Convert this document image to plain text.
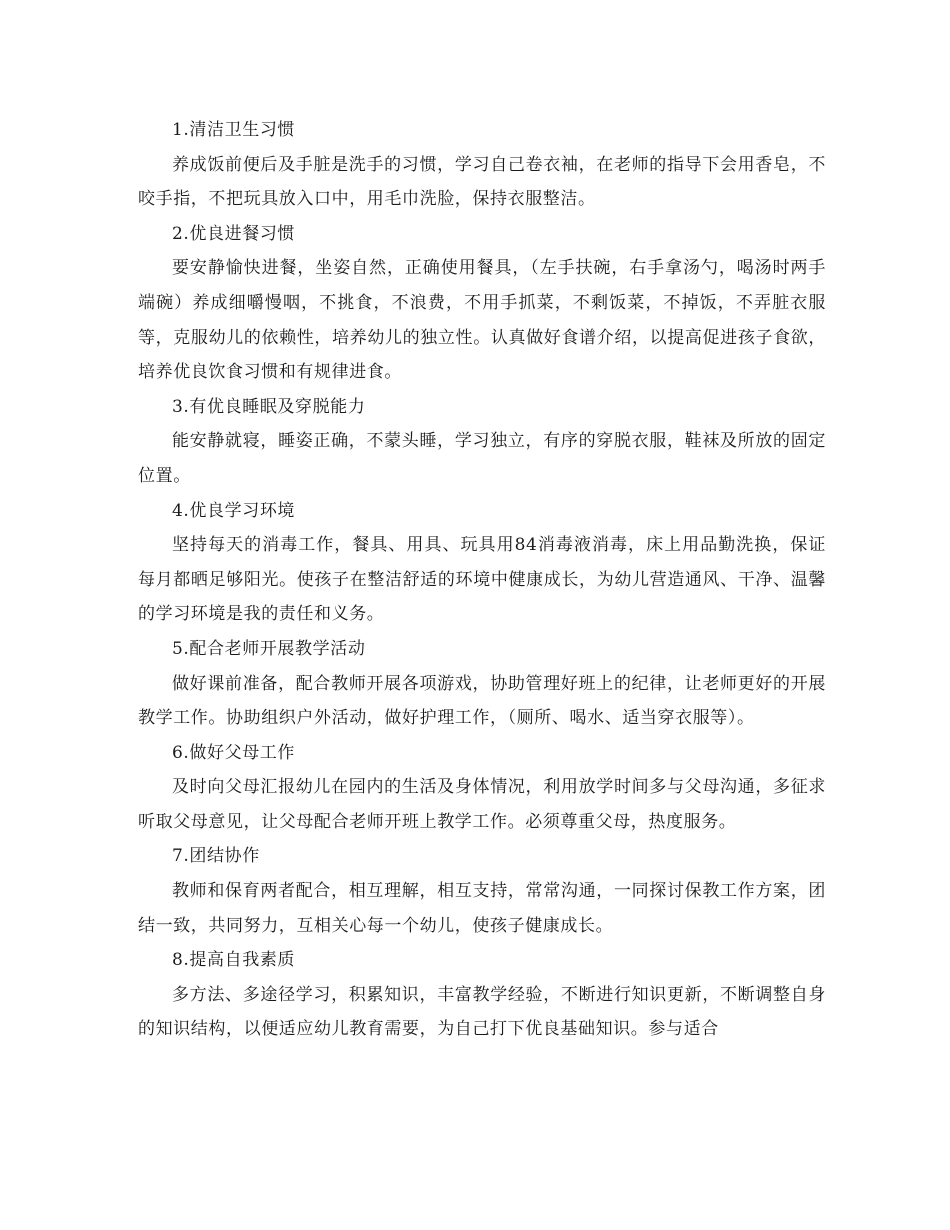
1.清洁卫生习惯

养成饭前便后及手脏是洗手的习惯，学习自己卷衣袖，在老师的指导下会用香皂，不咬手指，不把玩具放入口中，用毛巾洗脸，保持衣服整洁。

2.优良进餐习惯

要安静愉快进餐，坐姿自然，正确使用餐具，（左手扶碗，右手拿汤勺，喝汤时两手端碗）养成细嚼慢咽，不挑食，不浪费，不用手抓菜，不剩饭菜，不掉饭，不弄脏衣服等，克服幼儿的依赖性，培养幼儿的独立性。认真做好食谱介绍，以提高促进孩子食欲，培养优良饮食习惯和有规律进食。

3.有优良睡眠及穿脱能力

能安静就寝，睡姿正确，不蒙头睡，学习独立，有序的穿脱衣服，鞋袜及所放的固定位置。

4.优良学习环境

坚持每天的消毒工作，餐具、用具、玩具用84消毒液消毒，床上用品勤洗换，保证每月都晒足够阳光。使孩子在整洁舒适的环境中健康成长，为幼儿营造通风、干净、温馨的学习环境是我的责任和义务。

5.配合老师开展教学活动

做好课前准备，配合教师开展各项游戏，协助管理好班上的纪律，让老师更好的开展教学工作。协助组织户外活动，做好护理工作，（厕所、喝水、适当穿衣服等）。

6.做好父母工作

及时向父母汇报幼儿在园内的生活及身体情况，利用放学时间多与父母沟通，多征求听取父母意见，让父母配合老师开班上教学工作。必须尊重父母，热度服务。

7.团结协作

教师和保育两者配合，相互理解，相互支持，常常沟通，一同探讨保教工作方案，团结一致，共同努力，互相关心每一个幼儿，使孩子健康成长。

8.提高自我素质

多方法、多途径学习，积累知识，丰富教学经验，不断进行知识更新，不断调整自身的知识结构，以便适应幼儿教育需要，为自己打下优良基础知识。参与适合
